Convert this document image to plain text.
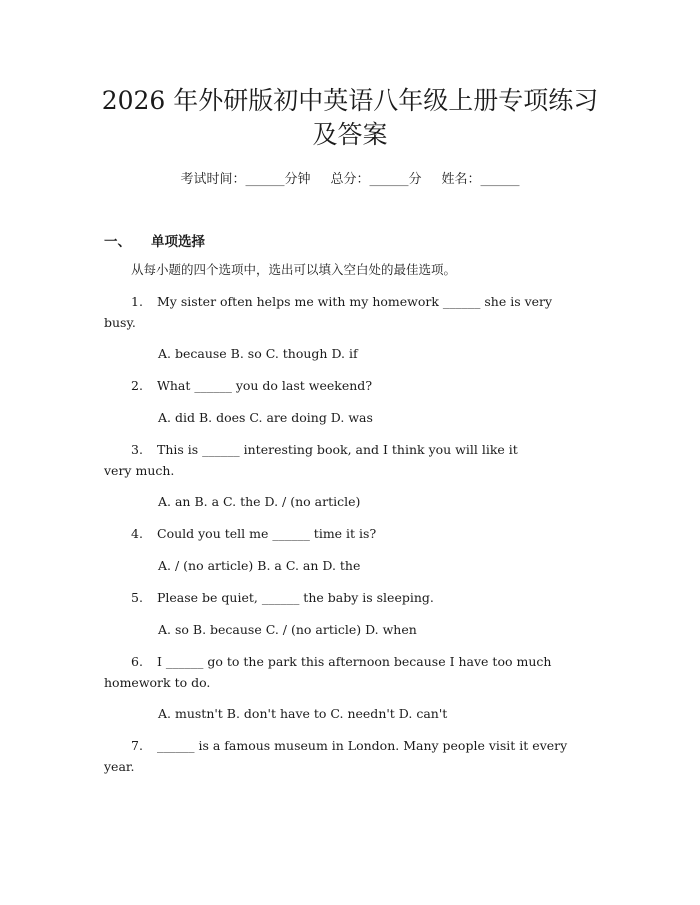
2026 年外研版初中英语八年级上册专项练习
及答案
考试时间：______分钟 总分：______分 姓名：______
一、 单项选择
从每小题的四个选项中，选出可以填入空白处的最佳选项。
1. My sister often helps me with my homework ______ she is very
busy.
A. because B. so C. though D. if
2. What ______ you do last weekend?
A. did B. does C. are doing D. was
3. This is ______ interesting book, and I think you will like it
very much.
A. an B. a C. the D. / (no article)
4. Could you tell me ______ time it is?
A. / (no article) B. a C. an D. the
5. Please be quiet, ______ the baby is sleeping.
A. so B. because C. / (no article) D. when
6. I ______ go to the park this afternoon because I have too much
homework to do.
A. mustn't B. don't have to C. needn't D. can't
7. ______ is a famous museum in London. Many people visit it every
year.
